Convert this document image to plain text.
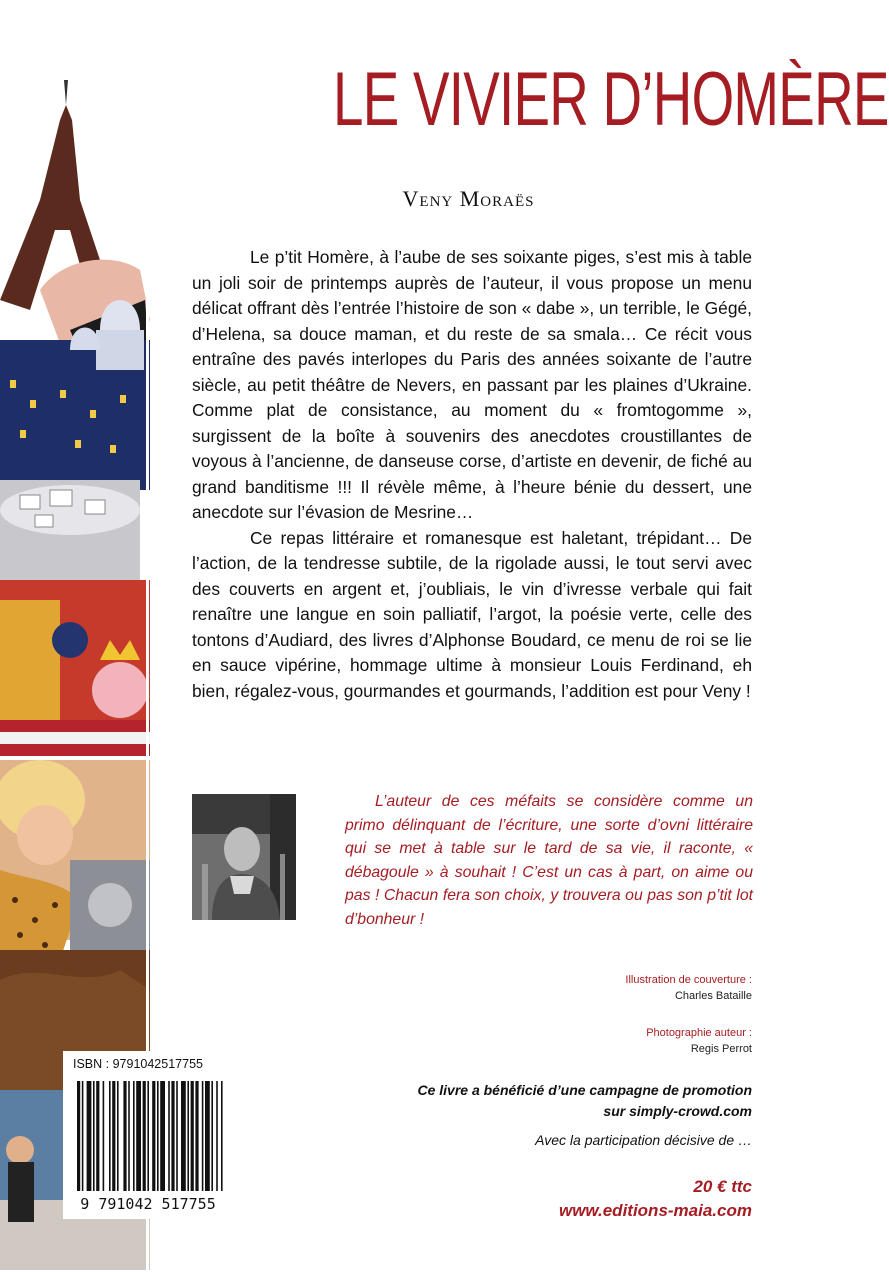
LE VIVIER D’HOMÈRE
Veny Moraës

Le p’tit Homère, à l’aube de ses soixante piges, s’est mis à table un joli soir de printemps auprès de l’auteur, il vous propose un menu délicat offrant dès l’entrée l’histoire de son « dabe », un terrible, le Gégé, d’Helena, sa douce maman, et du reste de sa smala… Ce récit vous entraîne des pavés interlopes du Paris des années soixante de l’autre siècle, au petit théâtre de Nevers, en passant par les plaines d’Ukraine. Comme plat de consistance, au moment du « fromtogomme », surgissent de la boîte à souvenirs des anecdotes croustillantes de voyous à l’ancienne, de danseuse corse, d’artiste en devenir, de fiché au grand banditisme !!! Il révèle même, à l’heure bénie du dessert, une anecdote sur l’évasion de Mesrine…

Ce repas littéraire et romanesque est haletant, trépidant… De l’action, de la tendresse subtile, de la rigolade aussi, le tout servi avec des couverts en argent et, j’oubliais, le vin d’ivresse verbale qui fait renaître une langue en soin palliatif, l’argot, la poésie verte, celle des tontons d’Audiard, des livres d’Alphonse Boudard, ce menu de roi se lie en sauce vipérine, hommage ultime à monsieur Louis Ferdinand, eh bien, régalez-vous, gourmandes et gourmands, l’addition est pour Veny !

L’auteur de ces méfaits se considère comme un primo délinquant de l’écriture, une sorte d’ovni littéraire qui se met à table sur le tard de sa vie, il raconte, « débagoule » à souhait ! C’est un cas à part, on aime ou pas ! Chacun fera son choix, y trouvera ou pas son p’tit lot d’bonheur !

Illustration de couverture :
Charles Bataille
Photographie auteur :
Regis Perrot
ISBN : 9791042517755
9 791042 517755
Ce livre a bénéficié d’une campagne de promotion
sur simply-crowd.com
Avec la participation décisive de …
20 € ttc
www.editions-maia.com
